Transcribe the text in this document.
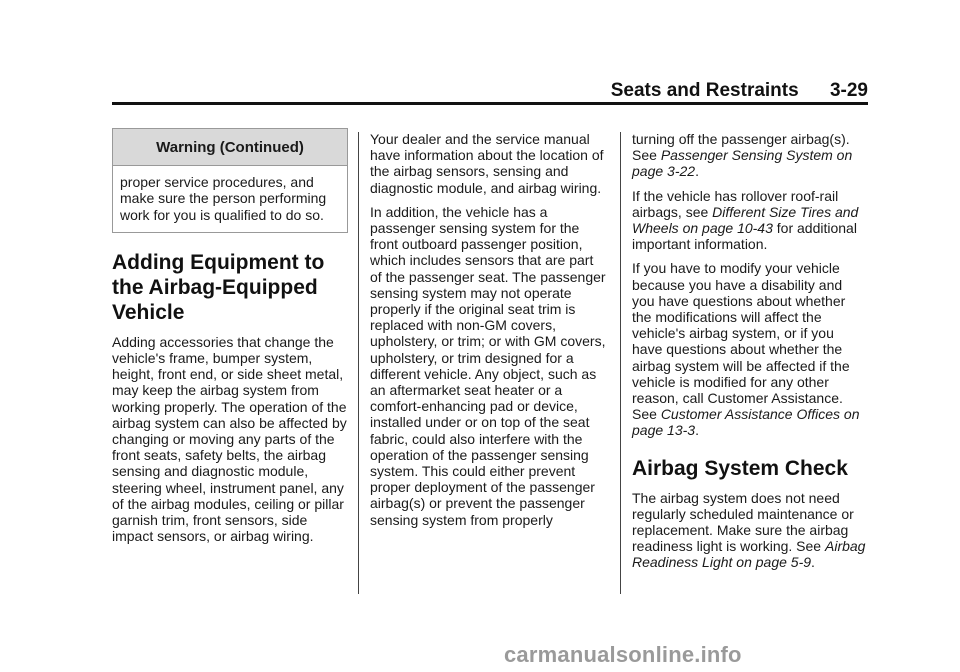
Seats and Restraints 3-29
Warning (Continued)
proper service procedures, and make sure the person performing work for you is qualified to do so.
Adding Equipment to the Airbag-Equipped Vehicle

Adding accessories that change the vehicle's frame, bumper system, height, front end, or side sheet metal, may keep the airbag system from working properly. The operation of the airbag system can also be affected by changing or moving any parts of the front seats, safety belts, the airbag sensing and diagnostic module, steering wheel, instrument panel, any of the airbag modules, ceiling or pillar garnish trim, front sensors, side impact sensors, or airbag wiring.

Your dealer and the service manual have information about the location of the airbag sensors, sensing and diagnostic module, and airbag wiring.

In addition, the vehicle has a passenger sensing system for the front outboard passenger position, which includes sensors that are part of the passenger seat. The passenger sensing system may not operate properly if the original seat trim is replaced with non-GM covers, upholstery, or trim; or with GM covers, upholstery, or trim designed for a different vehicle. Any object, such as an aftermarket seat heater or a comfort-enhancing pad or device, installed under or on top of the seat fabric, could also interfere with the operation of the passenger sensing system. This could either prevent proper deployment of the passenger airbag(s) or prevent the passenger sensing system from properly

turning off the passenger airbag(s). See Passenger Sensing System on page 3-22.

If the vehicle has rollover roof-rail airbags, see Different Size Tires and Wheels on page 10-43 for additional important information.

If you have to modify your vehicle because you have a disability and you have questions about whether the modifications will affect the vehicle's airbag system, or if you have questions about whether the airbag system will be affected if the vehicle is modified for any other reason, call Customer Assistance. See Customer Assistance Offices on page 13-3.

Airbag System Check

The airbag system does not need regularly scheduled maintenance or replacement. Make sure the airbag readiness light is working. See Airbag Readiness Light on page 5-9.

carmanualsonline.info
